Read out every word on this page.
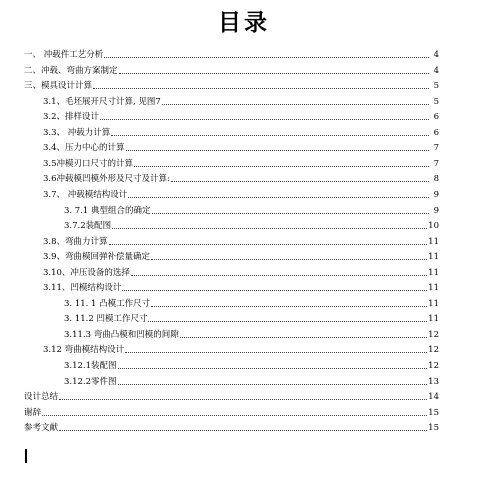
目录
一、 冲载件工艺分析	4
二、冲载、弯曲方案制定	4
三、模具设计计算	5
3.1、毛坯展开尺寸计算, 见图7	5
3.2、排样设计	6
3.3、 冲载力计算	6
3.4、压力中心的计算	7
3.5冲模刃口尺寸的计算	7
3.6冲载模凹模外形及尺寸及计算:	8
3.7、 冲载模结构设计	9
3. 7.1 典型组合的确定	9
3.7.2装配图	10
3.8、弯曲力计算	11
3.9、弯曲模回弹补偿量确定	11
3.10、冲压设备的选择	11
3.11、凹模结构设计	11
3. 11. 1 凸模工作尺寸	11
3. 11.2 凹模工作尺寸	11
3.11.3 弯曲凸模和凹模的间隙	12
3.12 弯曲模结构设计	12
3.12.1装配图	12
3.12.2零件图	13
设计总结	14
谢辞	15
参考文献	15
